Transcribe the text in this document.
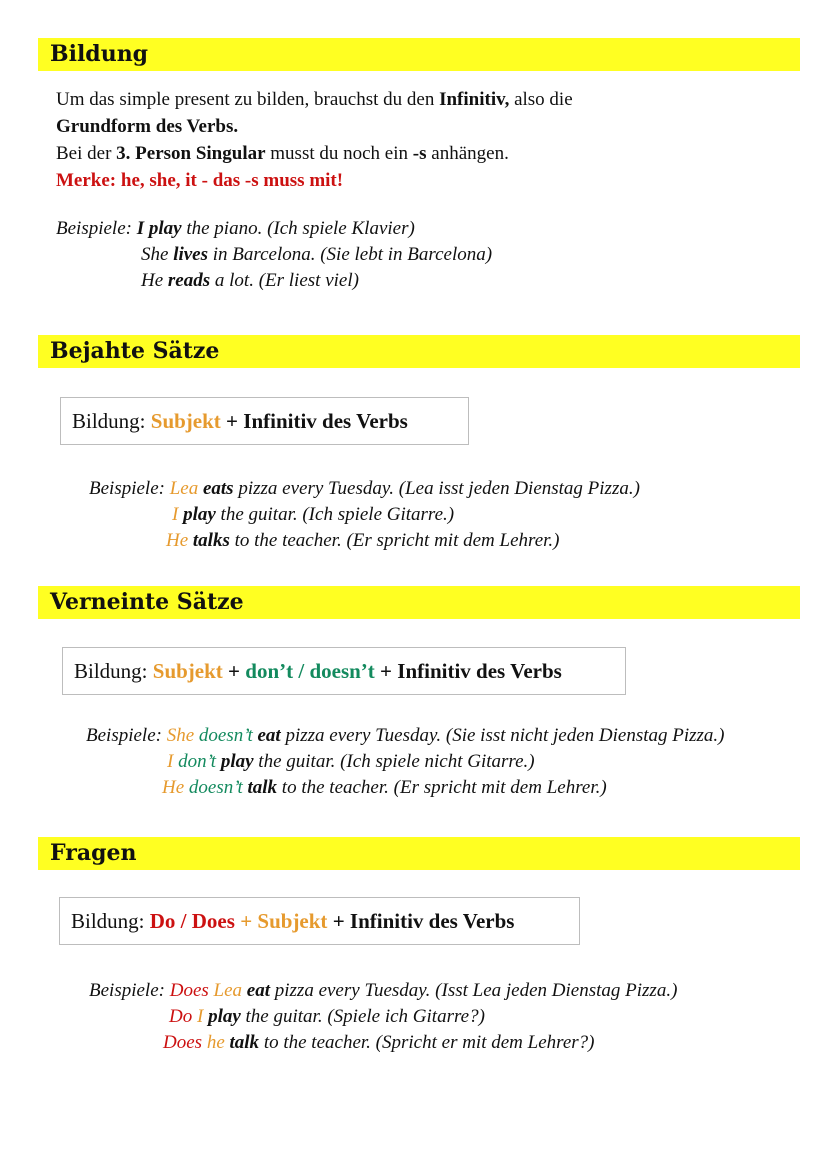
Bildung
Um das simple present zu bilden, brauchst du den Infinitiv, also die
Grundform des Verbs.
Bei der 3. Person Singular musst du noch ein -s anhängen.
Merke: he, she, it - das -s muss mit!
Beispiele: I play the piano. (Ich spiele Klavier)
She lives in Barcelona. (Sie lebt in Barcelona)
He reads a lot. (Er liest viel)
Bejahte Sätze
Bildung: Subjekt + Infinitiv des Verbs
Beispiele: Lea eats pizza every Tuesday. (Lea isst jeden Dienstag Pizza.)
I play the guitar. (Ich spiele Gitarre.)
He talks to the teacher. (Er spricht mit dem Lehrer.)
Verneinte Sätze
Bildung: Subjekt + don’t / doesn’t + Infinitiv des Verbs
Beispiele: She doesn’t eat pizza every Tuesday. (Sie isst nicht jeden Dienstag Pizza.)
I don’t play the guitar. (Ich spiele nicht Gitarre.)
He doesn’t talk to the teacher. (Er spricht mit dem Lehrer.)
Fragen
Bildung: Do / Does + Subjekt + Infinitiv des Verbs
Beispiele: Does Lea eat pizza every Tuesday. (Isst Lea jeden Dienstag Pizza.)
Do I play the guitar. (Spiele ich Gitarre?)
Does he talk to the teacher. (Spricht er mit dem Lehrer?)
